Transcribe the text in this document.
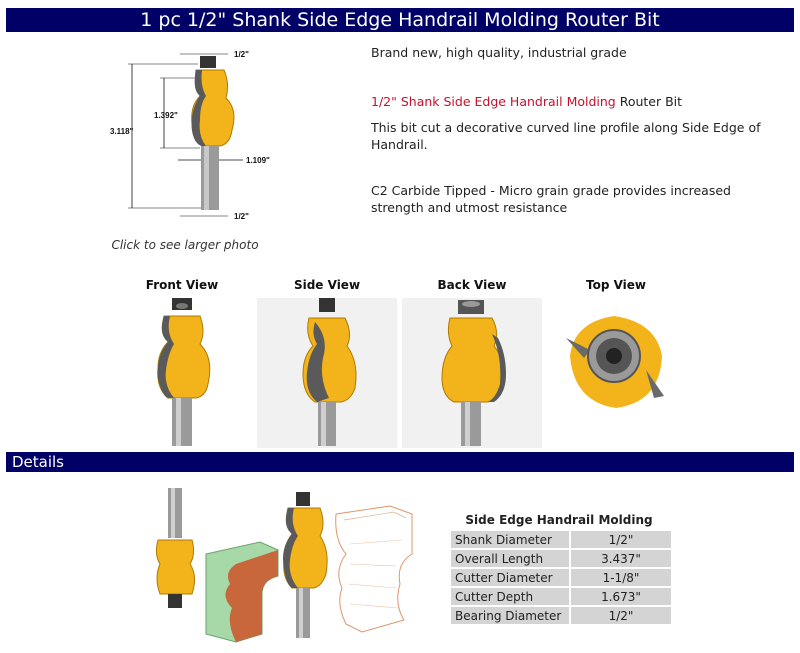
1 pc 1/2" Shank Side Edge Handrail Molding Router Bit
1/2"
1.392"
3.118"
1.109"
1/2"
Click to see larger photo
Brand new, high quality, industrial grade
1/2" Shank Side Edge Handrail Molding Router Bit
This bit cut a decorative curved line profile along Side Edge of Handrail.
C2 Carbide Tipped - Micro grain grade provides increased strength and utmost resistance
Front View	Side View	Back View	Top View
Details
Side Edge Handrail Molding
Shank Diameter	1/2"
Overall Length	3.437"
Cutter Diameter	1-1/8"
Cutter Depth	1.673"
Bearing Diameter	1/2"
